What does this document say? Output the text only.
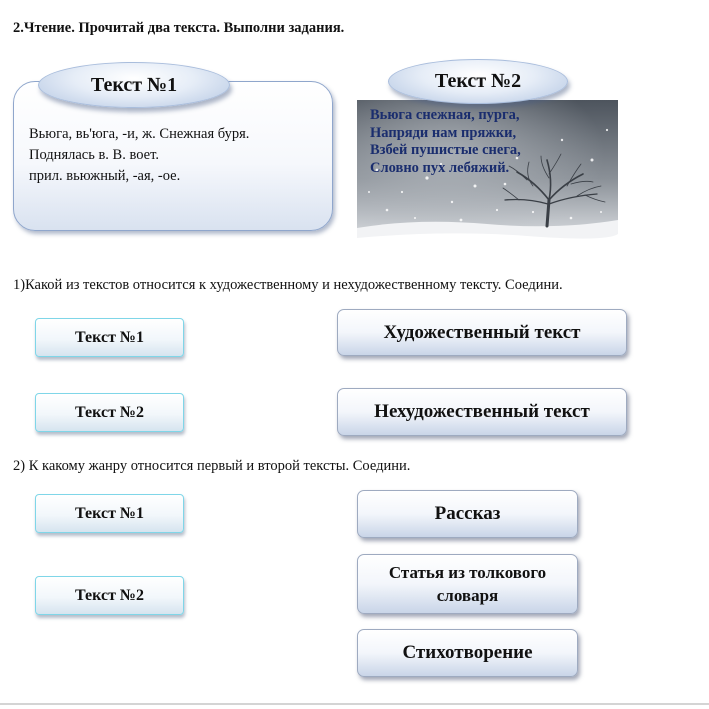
2.Чтение. Прочитай два текста. Выполни задания.
Вьюга, вь'юга, -и, ж. Снежная буря.
Поднялась в. В. воет.
прил. вьюжный, -ая, -ое.
Текст №1
Вьюга снежная, пурга,
Напряди нам пряжки,
Взбей пушистые снега,
Словно пух лебяжий.
Текст №2
1)Какой из текстов относится к художественному и нехудожественному тексту. Соедини.
Текст №1
Текст №2
Художественный текст
Нехудожественный текст
2) К какому жанру относится первый и второй тексты. Соедини.
Текст №1
Текст №2
Рассказ
Статья из толкового словаря
Стихотворение
